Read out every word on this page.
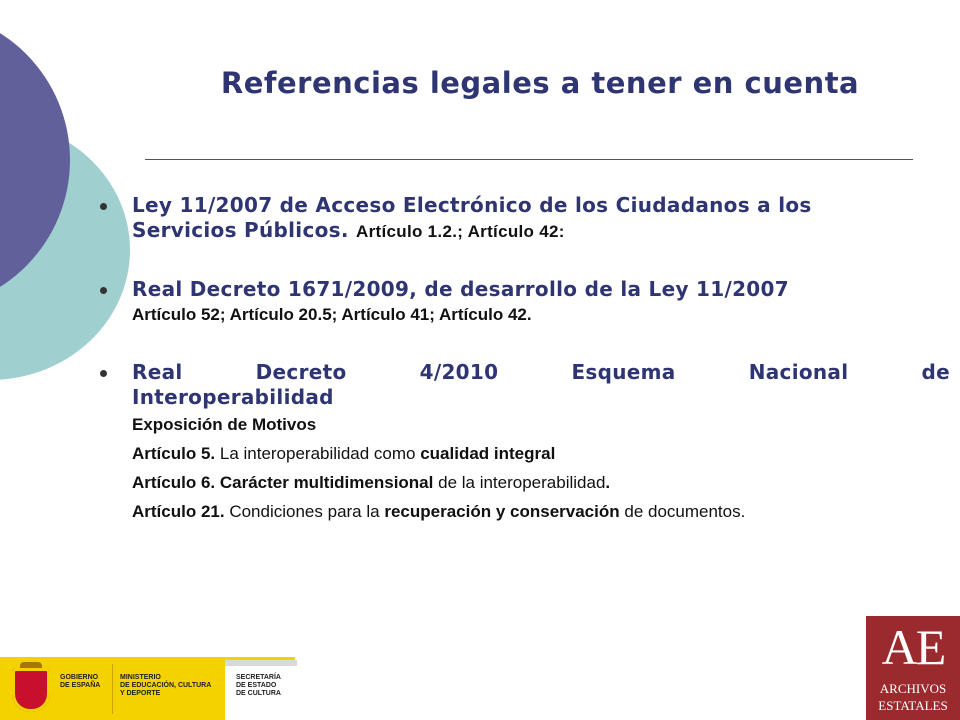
Referencias legales a tener en cuenta
Ley 11/2007 de Acceso Electrónico de los Ciudadanos a los
Servicios Públicos. Artículo 1.2.; Artículo 42:
Real Decreto 1671/2009, de desarrollo de la Ley 11/2007
Artículo 52; Artículo 20.5; Artículo 41; Artículo 42.
Real Decreto 4/2010 Esquema Nacional de
Interoperabilidad
Exposición de Motivos
Artículo 5. La interoperabilidad como cualidad integral
Artículo 6. Carácter multidimensional de la interoperabilidad.
Artículo 21. Condiciones para la recuperación y conservación de documentos.
GOBIERNO
DE ESPAÑA
MINISTERIO
DE EDUCACIÓN, CULTURA
Y DEPORTE
SECRETARÍA
DE ESTADO
DE CULTURA
AE
ARCHIVOS
ESTATALES
